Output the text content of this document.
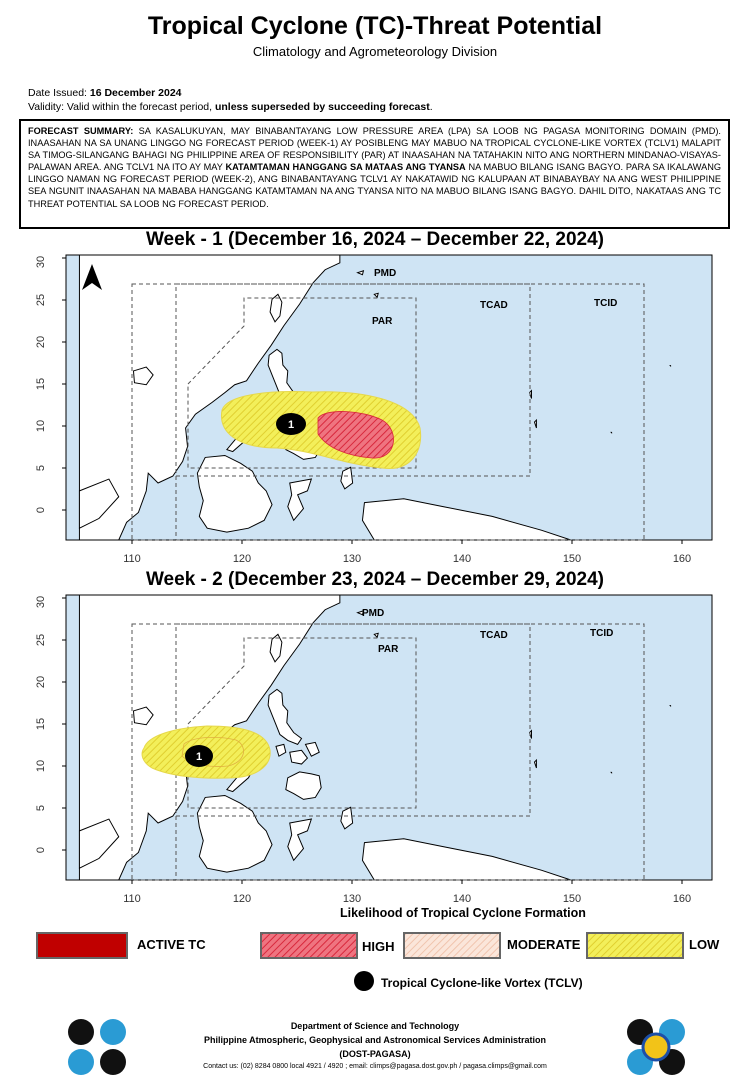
Tropical Cyclone (TC)-Threat Potential
Climatology and Agrometeorology Division
Date Issued: 16 December 2024
Validity: Valid within the forecast period, unless superseded by succeeding forecast.
FORECAST SUMMARY: SA KASALUKUYAN, MAY BINABANTAYANG LOW PRESSURE AREA (LPA) SA LOOB NG PAGASA MONITORING DOMAIN (PMD). INAASAHAN NA SA UNANG LINGGO NG FORECAST PERIOD (WEEK-1) AY POSIBLENG MAY MABUO NA TROPICAL CYCLONE-LIKE VORTEX (TCLV1) MALAPIT SA TIMOG-SILANGANG BAHAGI NG PHILIPPINE AREA OF RESPONSIBILITY (PAR) AT INAASAHAN NA TATAHAKIN NITO ANG NORTHERN MINDANAO-VISAYAS-PALAWAN AREA. ANG TCLV1 NA ITO AY MAY KATAMTAMAN HANGGANG SA MATAAS ANG TYANSA NA MABUO BILANG ISANG BAGYO. PARA SA IKALAWANG LINGGO NAMAN NG FORECAST PERIOD (WEEK-2), ANG BINABANTAYANG TCLV1 AY NAKATAWID NG KALUPAAN AT BINABAYBAY NA ANG WEST PHILIPPINE SEA NGUNIT INAASAHAN NA MABABA HANGGANG KATAMTAMAN NA ANG TYANSA NITO NA MABUO BILANG ISANG BAGYO. DAHIL DITO, NAKATAAS ANG TC THREAT POTENTIAL SA LOOB NG FORECAST PERIOD.
Week - 1 (December 16, 2024 – December 22, 2024)
30
25
20
15
10
5
0
1
PMD
PAR
TCAD	TCID
N
110	120	130	140	150	160
Week - 2 (December 23, 2024 – December 29, 2024)
30
25
20
15
10
5
0
1
PMD
PAR
TCAD	TCID
110	120	130	140	150	160
Likelihood of Tropical Cyclone Formation
ACTIVE TC	HIGH	MODERATE	LOW
Tropical Cyclone-like Vortex (TCLV)
Department of Science and Technology
Philippine Atmospheric, Geophysical and Astronomical Services Administration
(DOST-PAGASA)
Contact us: (02) 8284 0800 local 4921 / 4920 ; email: climps@pagasa.dost.gov.ph / pagasa.climps@gmail.com
